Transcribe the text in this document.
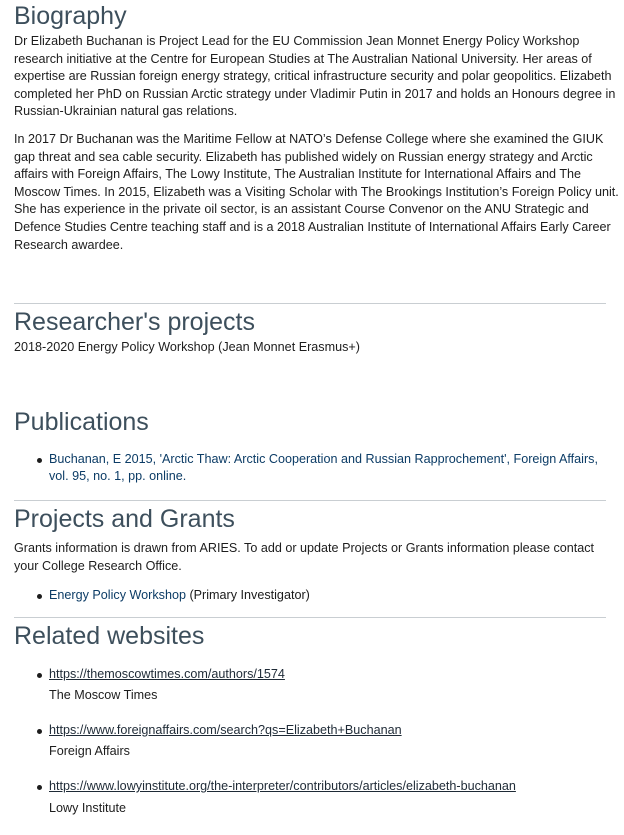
Biography

Dr Elizabeth Buchanan is Project Lead for the EU Commission Jean Monnet Energy Policy Workshop research initiative at the Centre for European Studies at The Australian National University. Her areas of expertise are Russian foreign energy strategy, critical infrastructure security and polar geopolitics. Elizabeth completed her PhD on Russian Arctic strategy under Vladimir Putin in 2017 and holds an Honours degree in Russian-Ukrainian natural gas relations.

In 2017 Dr Buchanan was the Maritime Fellow at NATO’s Defense College where she examined the GIUK gap threat and sea cable security. Elizabeth has published widely on Russian energy strategy and Arctic affairs with Foreign Affairs, The Lowy Institute, The Australian Institute for International Affairs and The Moscow Times. In 2015, Elizabeth was a Visiting Scholar with The Brookings Institution’s Foreign Policy unit. She has experience in the private oil sector, is an assistant Course Convenor on the ANU Strategic and Defence Studies Centre teaching staff and is a 2018 Australian Institute of International Affairs Early Career Research awardee.

Researcher's projects

2018-2020 Energy Policy Workshop (Jean Monnet Erasmus+)

Publications
Buchanan, E 2015, 'Arctic Thaw: Arctic Cooperation and Russian Rapprochement', Foreign Affairs, vol. 95, no. 1, pp. online.
Projects and Grants

Grants information is drawn from ARIES. To add or update Projects or Grants information please contact your College Research Office.

Energy Policy Workshop (Primary Investigator)
Related websites
https://themoscowtimes.com/authors/1574
The Moscow Times
https://www.foreignaffairs.com/search?qs=Elizabeth+Buchanan
Foreign Affairs
https://www.lowyinstitute.org/the-interpreter/contributors/articles/elizabeth-buchanan
Lowy Institute
